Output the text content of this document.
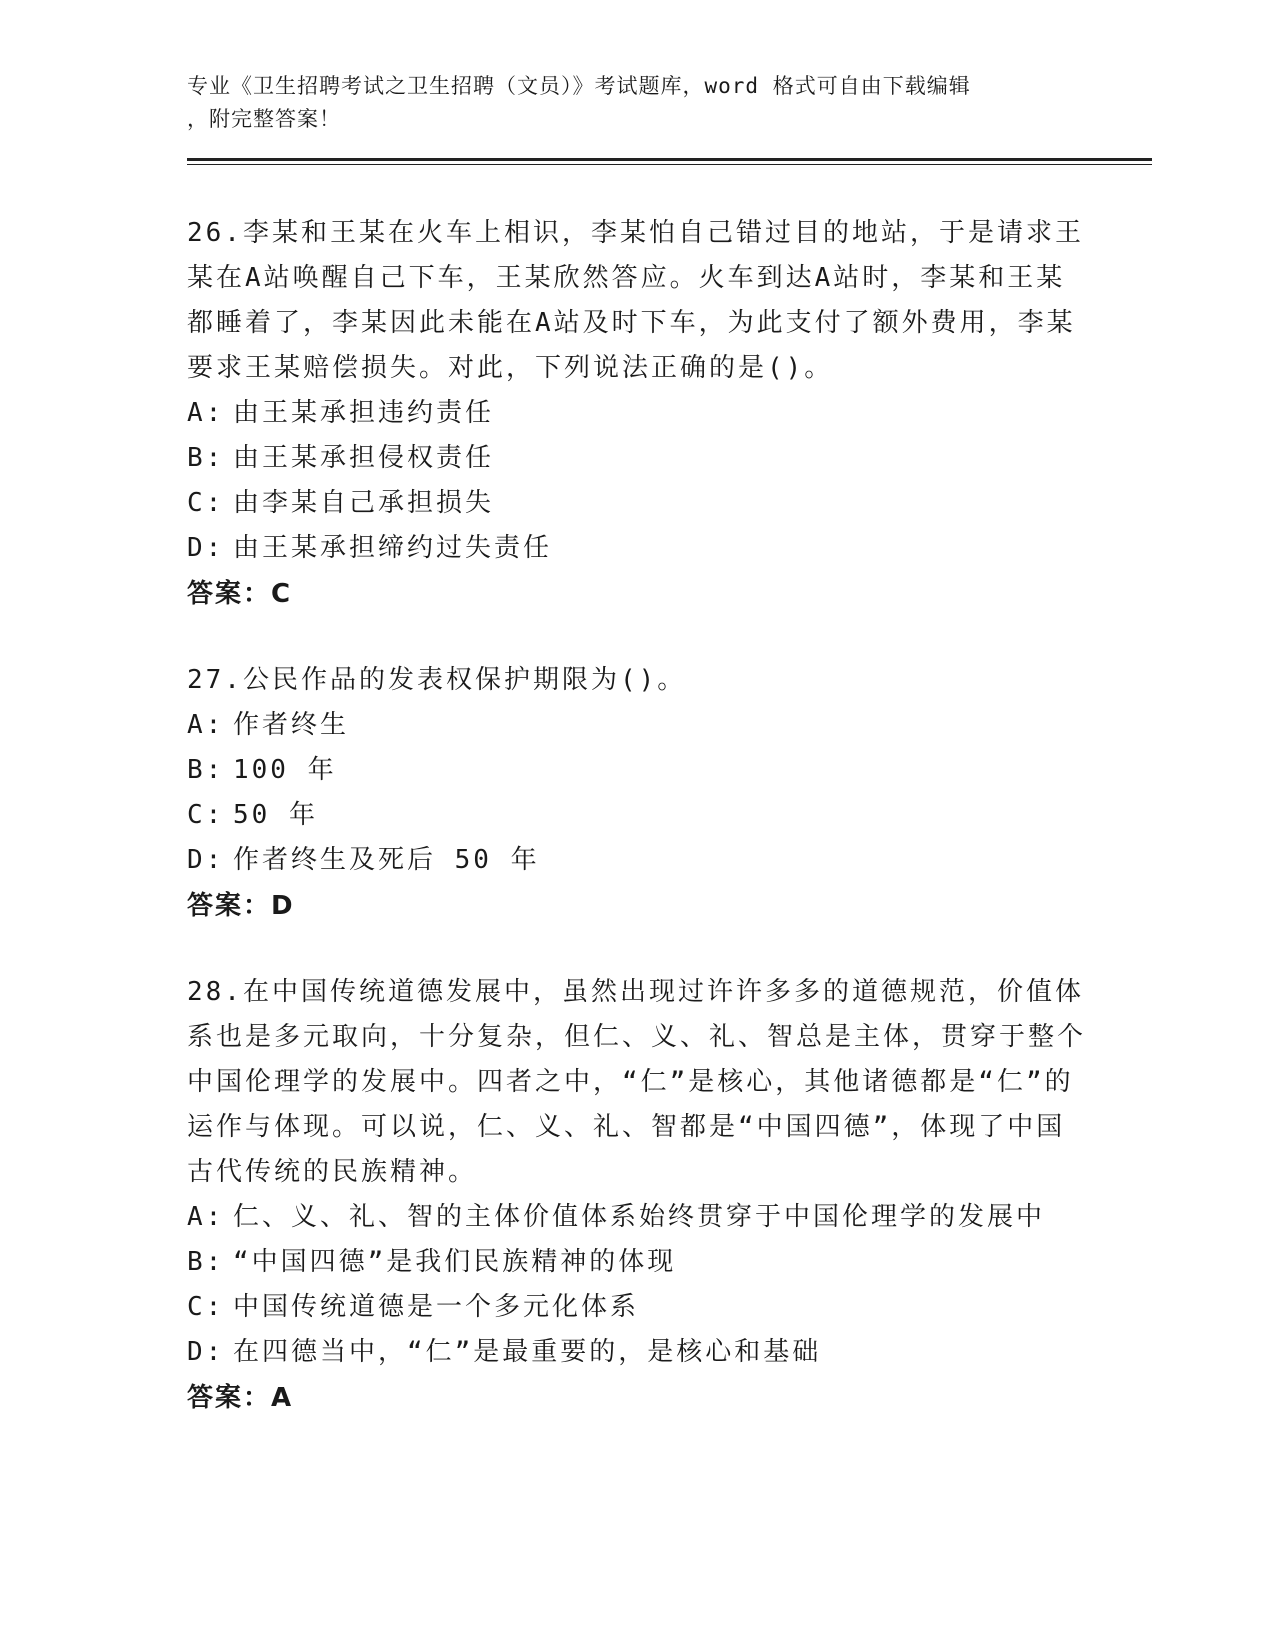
专业《卫生招聘考试之卫生招聘（文员）》考试题库，word 格式可自由下载编辑
，附完整答案！
26.李某和王某在火车上相识，李某怕自己错过目的地站，于是请求王某在A站唤醒自己下车，王某欣然答应。火车到达A站时，李某和王某都睡着了，李某因此未能在A站及时下车，为此支付了额外费用，李某要求王某赔偿损失。对此，下列说法正确的是()。
A: 由王某承担违约责任
B: 由王某承担侵权责任
C: 由李某自己承担损失
D: 由王某承担缔约过失责任
答案：C
27.公民作品的发表权保护期限为()。
A: 作者终生
B: 100 年
C: 50 年
D: 作者终生及死后 50 年
答案：D
28.在中国传统道德发展中，虽然出现过许许多多的道德规范，价值体系也是多元取向，十分复杂，但仁、义、礼、智总是主体，贯穿于整个中国伦理学的发展中。四者之中，“仁”是核心，其他诸德都是“仁”的运作与体现。可以说，仁、义、礼、智都是“中国四德”，体现了中国古代传统的民族精神。
A: 仁、义、礼、智的主体价值体系始终贯穿于中国伦理学的发展中
B: “中国四德”是我们民族精神的体现
C: 中国传统道德是一个多元化体系
D: 在四德当中，“仁”是最重要的，是核心和基础
答案：A
